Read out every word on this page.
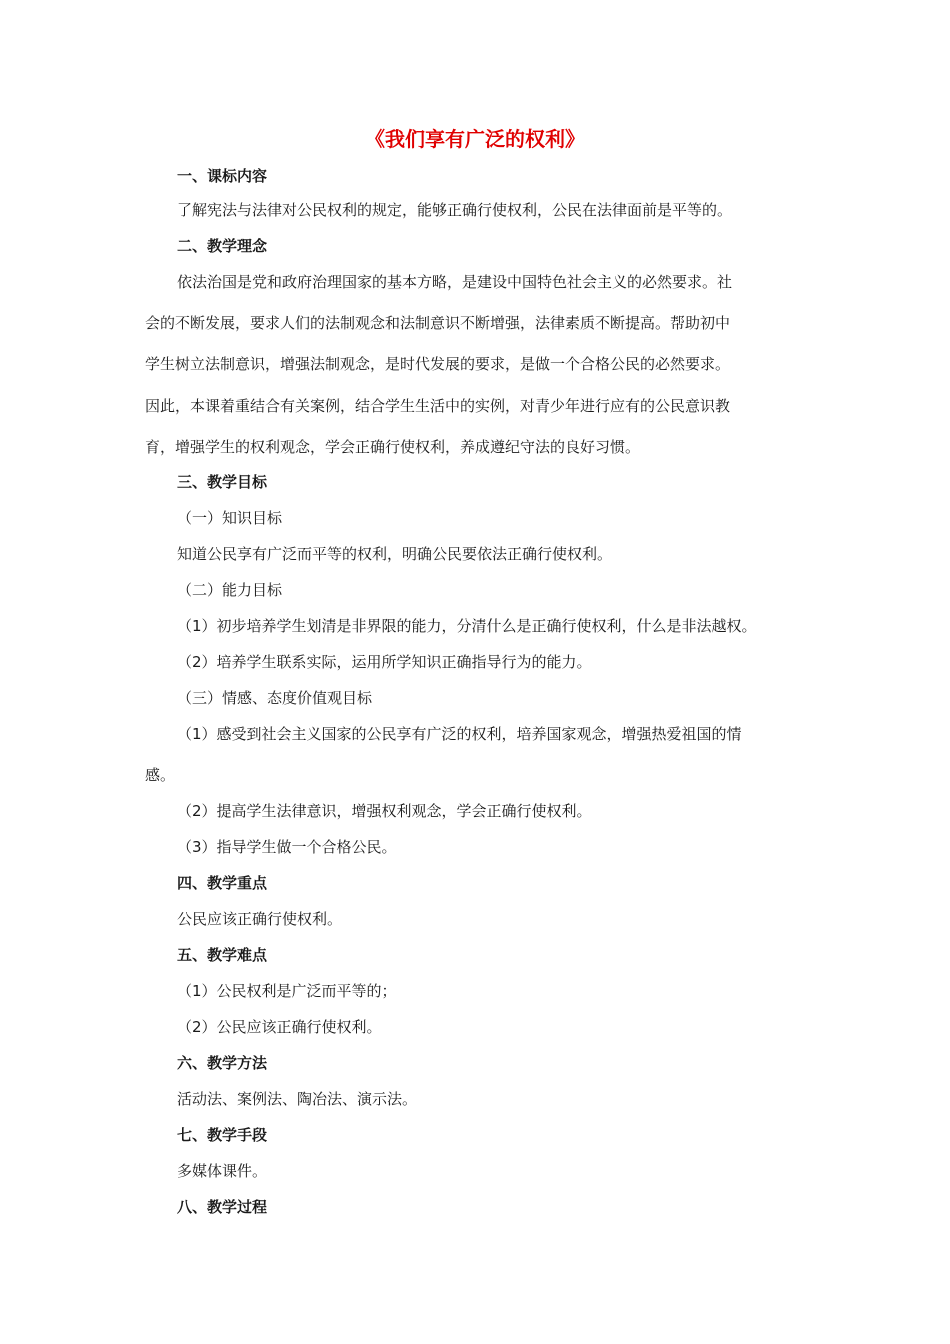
《我们享有广泛的权利》
一、课标内容
了解宪法与法律对公民权利的规定，能够正确行使权利，公民在法律面前是平等的。
二、教学理念
依法治国是党和政府治理国家的基本方略，是建设中国特色社会主义的必然要求。社
会的不断发展，要求人们的法制观念和法制意识不断增强，法律素质不断提高。帮助初中
学生树立法制意识，增强法制观念，是时代发展的要求，是做一个合格公民的必然要求。
因此，本课着重结合有关案例，结合学生生活中的实例，对青少年进行应有的公民意识教
育，增强学生的权利观念，学会正确行使权利，养成遵纪守法的良好习惯。
三、教学目标
（一）知识目标
知道公民享有广泛而平等的权利，明确公民要依法正确行使权利。
（二）能力目标
（1）初步培养学生划清是非界限的能力，分清什么是正确行使权利，什么是非法越权。
（2）培养学生联系实际，运用所学知识正确指导行为的能力。
（三）情感、态度价值观目标
（1）感受到社会主义国家的公民享有广泛的权利，培养国家观念，增强热爱祖国的情
感。
（2）提高学生法律意识，增强权利观念，学会正确行使权利。
（3）指导学生做一个合格公民。
四、教学重点
公民应该正确行使权利。
五、教学难点
（1）公民权利是广泛而平等的；
（2）公民应该正确行使权利。
六、教学方法
活动法、案例法、陶冶法、演示法。
七、教学手段
多媒体课件。
八、教学过程
